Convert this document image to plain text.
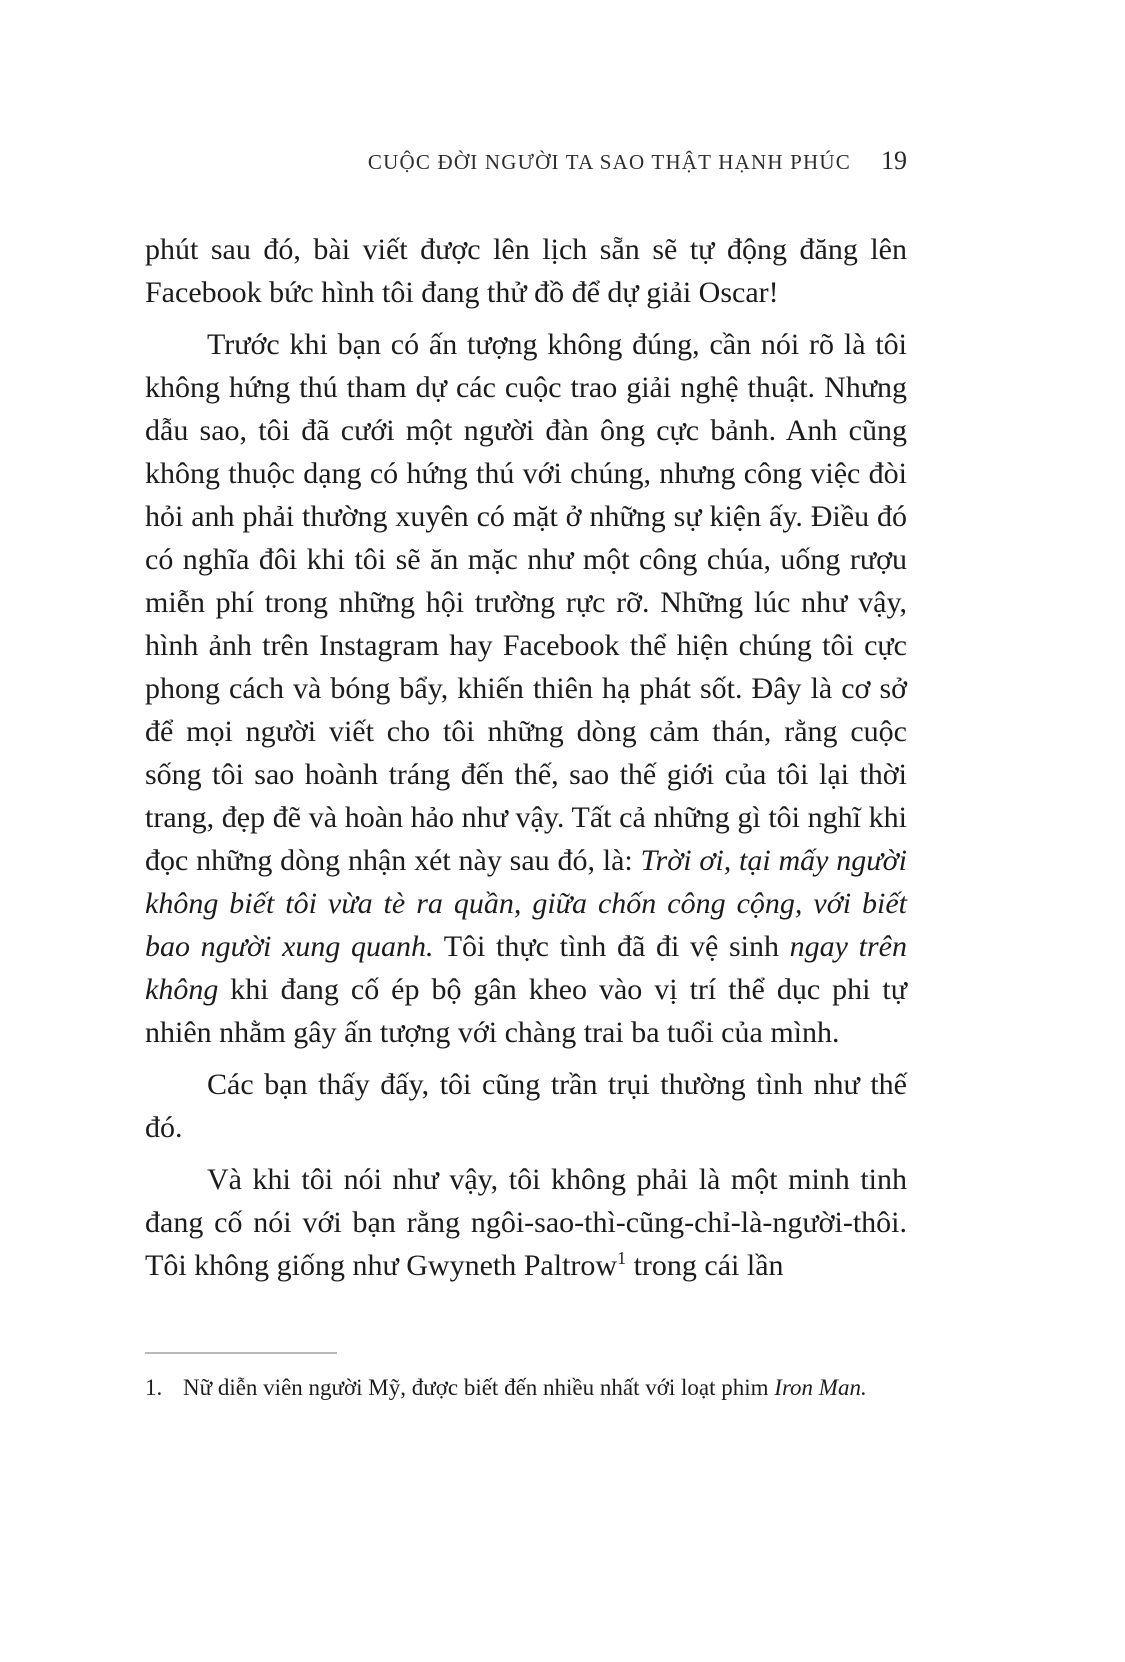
CUỘC ĐỜI NGƯỜI TA SAO THẬT HẠNH PHÚC 19

phút sau đó, bài viết được lên lịch sẵn sẽ tự động đăng lên Facebook bức hình tôi đang thử đồ để dự giải Oscar!

Trước khi bạn có ấn tượng không đúng, cần nói rõ là tôi không hứng thú tham dự các cuộc trao giải nghệ thuật. Nhưng dẫu sao, tôi đã cưới một người đàn ông cực bảnh. Anh cũng không thuộc dạng có hứng thú với chúng, nhưng công việc đòi hỏi anh phải thường xuyên có mặt ở những sự kiện ấy. Điều đó có nghĩa đôi khi tôi sẽ ăn mặc như một công chúa, uống rượu miễn phí trong những hội trường rực rỡ. Những lúc như vậy, hình ảnh trên Instagram hay Facebook thể hiện chúng tôi cực phong cách và bóng bẩy, khiến thiên hạ phát sốt. Đây là cơ sở để mọi người viết cho tôi những dòng cảm thán, rằng cuộc sống tôi sao hoành tráng đến thế, sao thế giới của tôi lại thời trang, đẹp đẽ và hoàn hảo như vậy. Tất cả những gì tôi nghĩ khi đọc những dòng nhận xét này sau đó, là: Trời ơi, tại mấy người không biết tôi vừa tè ra quần, giữa chốn công cộng, với biết bao người xung quanh. Tôi thực tình đã đi vệ sinh ngay trên không khi đang cố ép bộ gân kheo vào vị trí thể dục phi tự nhiên nhằm gây ấn tượng với chàng trai ba tuổi của mình.

Các bạn thấy đấy, tôi cũng trần trụi thường tình như thế đó.

Và khi tôi nói như vậy, tôi không phải là một minh tinh đang cố nói với bạn rằng ngôi-sao-thì-cũng-chỉ-là-người-thôi. Tôi không giống như Gwyneth Paltrow$^1$ trong cái lần

1. Nữ diễn viên người Mỹ, được biết đến nhiều nhất với loạt phim Iron Man.
